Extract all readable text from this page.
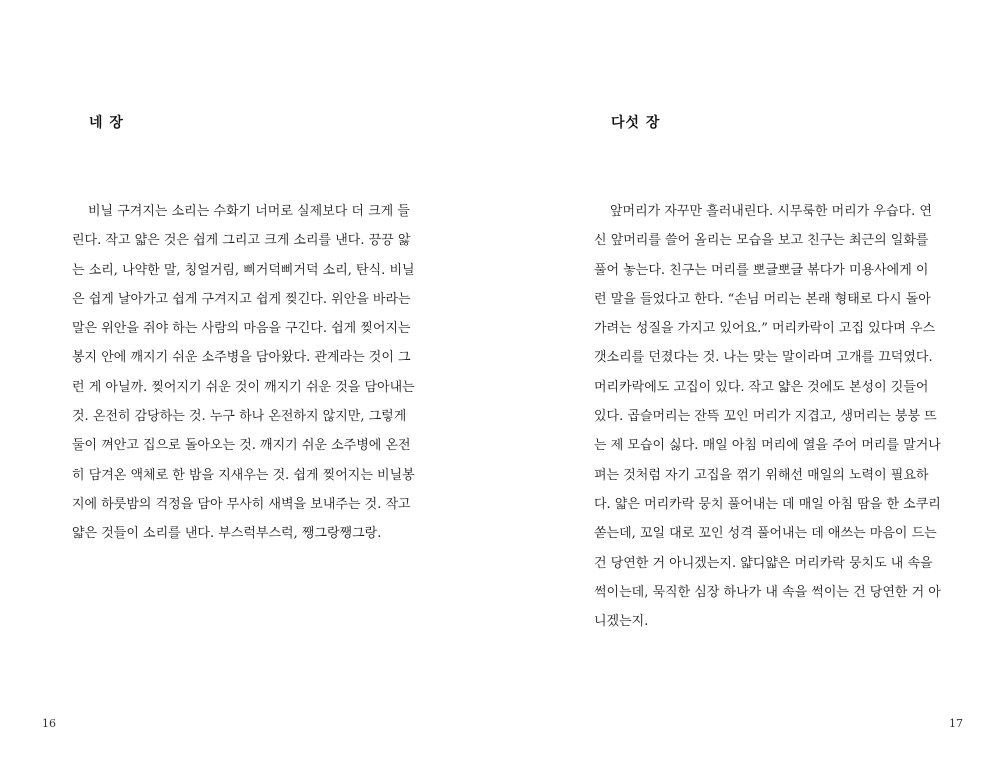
네 장
비닐 구겨지는 소리는 수화기 너머로 실제보다 더 크게 들
린다. 작고 얇은 것은 쉽게 그리고 크게 소리를 낸다. 끙끙 앓
는 소리, 나약한 말, 칭얼거림, 삐거덕삐거덕 소리, 탄식. 비닐
은 쉽게 날아가고 쉽게 구겨지고 쉽게 찢긴다. 위안을 바라는
말은 위안을 쥐야 하는 사람의 마음을 구긴다. 쉽게 찢어지는
봉지 안에 깨지기 쉬운 소주병을 담아왔다. 관계라는 것이 그
런 게 아닐까. 찢어지기 쉬운 것이 깨지기 쉬운 것을 담아내는
것. 온전히 감당하는 것. 누구 하나 온전하지 않지만, 그렇게
둘이 껴안고 집으로 돌아오는 것. 깨지기 쉬운 소주병에 온전
히 담겨온 액체로 한 밤을 지새우는 것. 쉽게 찢어지는 비닐봉
지에 하룻밤의 걱정을 담아 무사히 새벽을 보내주는 것. 작고
얇은 것들이 소리를 낸다. 부스럭부스럭, 쨍그랑쨍그랑.
16
다섯 장
앞머리가 자꾸만 흘러내린다. 시무룩한 머리가 우습다. 연
신 앞머리를 쓸어 올리는 모습을 보고 친구는 최근의 일화를
풀어 놓는다. 친구는 머리를 뽀글뽀글 볶다가 미용사에게 이
런 말을 들었다고 한다. “손님 머리는 본래 형태로 다시 돌아
가려는 성질을 가지고 있어요.” 머리카락이 고집 있다며 우스
갯소리를 던졌다는 것. 나는 맞는 말이라며 고개를 끄덕였다.
머리카락에도 고집이 있다. 작고 얇은 것에도 본성이 깃들어
있다. 곱슬머리는 잔뜩 꼬인 머리가 지겹고, 생머리는 붕붕 뜨
는 제 모습이 싫다. 매일 아침 머리에 열을 주어 머리를 말거나
펴는 것처럼 자기 고집을 꺾기 위해선 매일의 노력이 필요하
다. 얇은 머리카락 뭉치 풀어내는 데 매일 아침 땀을 한 소쿠리
쏟는데, 꼬일 대로 꼬인 성격 풀어내는 데 애쓰는 마음이 드는
건 당연한 거 아니겠는지. 얇디얇은 머리카락 뭉치도 내 속을
썩이는데, 묵직한 심장 하나가 내 속을 썩이는 건 당연한 거 아
니겠는지.
17
